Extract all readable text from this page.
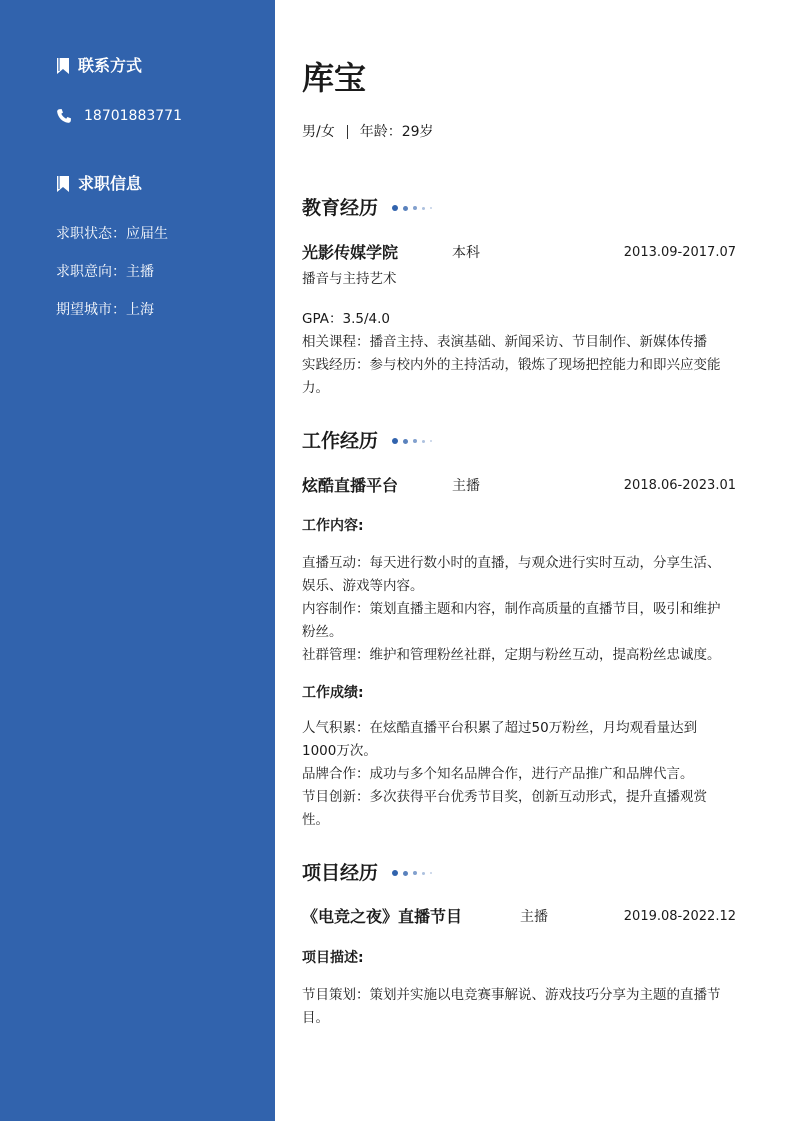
联系方式
18701883771
求职信息
求职状态：应届生
求职意向：主播
期望城市：上海
库宝
男/女 年龄：29岁
教育经历
光影传媒学院	本科	2013.09-2017.07
播音与主持艺术
GPA：3.5/4.0
相关课程：播音主持、表演基础、新闻采访、节目制作、新媒体传播
实践经历：参与校内外的主持活动，锻炼了现场把控能力和即兴应变能
力。
工作经历
炫酷直播平台	主播	2018.06-2023.01
工作内容:
直播互动：每天进行数小时的直播，与观众进行实时互动，分享生活、
娱乐、游戏等内容。
内容制作：策划直播主题和内容，制作高质量的直播节目，吸引和维护
粉丝。
社群管理：维护和管理粉丝社群，定期与粉丝互动，提高粉丝忠诚度。
工作成绩:
人气积累：在炫酷直播平台积累了超过50万粉丝，月均观看量达到
1000万次。
品牌合作：成功与多个知名品牌合作，进行产品推广和品牌代言。
节目创新：多次获得平台优秀节目奖，创新互动形式，提升直播观赏
性。
项目经历
《电竞之夜》直播节目	主播	2019.08-2022.12
项目描述:
节目策划：策划并实施以电竞赛事解说、游戏技巧分享为主题的直播节
目。
